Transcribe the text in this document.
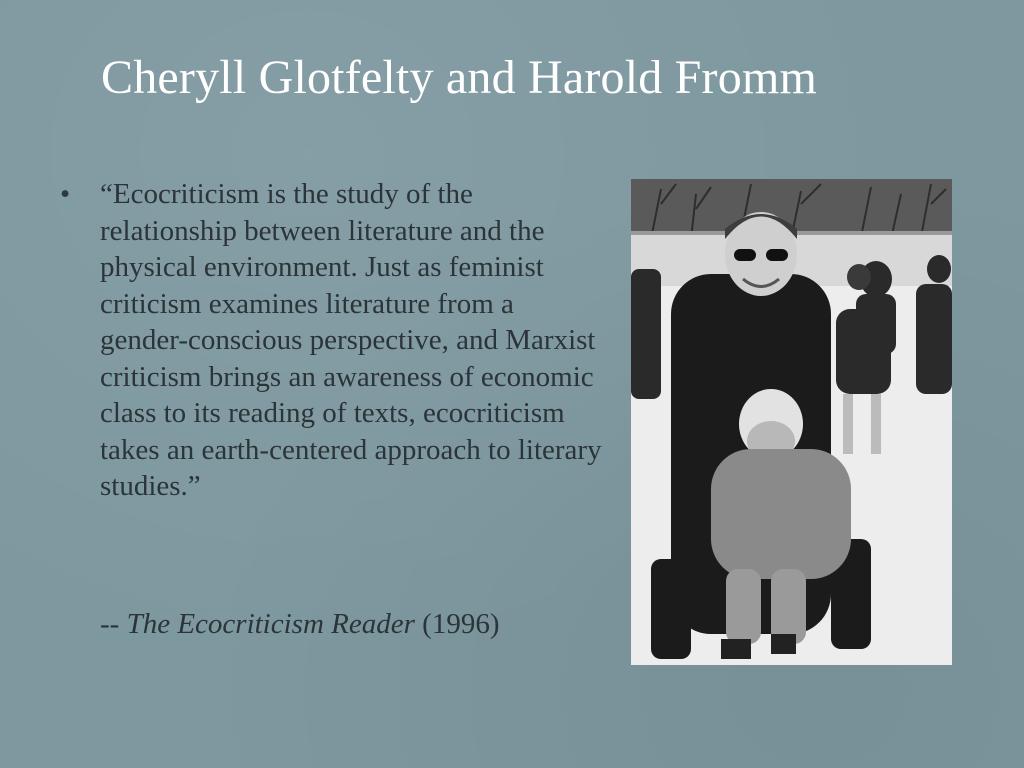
Cheryll Glotfelty and Harold Fromm
• “Ecocriticism is the study of the relationship between literature and the physical environment. Just as feminist criticism examines literature from a gender-conscious perspective, and Marxist criticism brings an awareness of economic class to its reading of texts, ecocriticism takes an earth-centered approach to literary studies.”
-- The Ecocriticism Reader (1996)
